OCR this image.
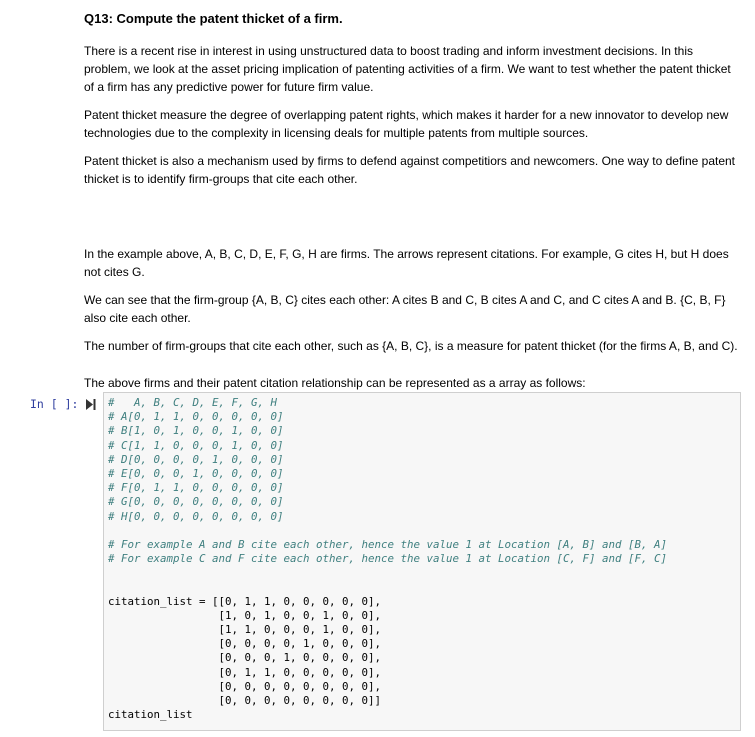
Q13: Compute the patent thicket of a firm.

There is a recent rise in interest in using unstructured data to boost trading and inform investment decisions. In this problem, we look at the asset pricing implication of patenting activities of a firm. We want to test whether the patent thicket of a firm has any predictive power for future firm value.

Patent thicket measure the degree of overlapping patent rights, which makes it harder for a new innovator to develop new technologies due to the complexity in licensing deals for multiple patents from multiple sources.

Patent thicket is also a mechanism used by firms to defend against competitiors and newcomers. One way to define patent thicket is to identify firm-groups that cite each other.

In the example above, A, B, C, D, E, F, G, H are firms. The arrows represent citations. For example, G cites H, but H does not cites G.

We can see that the firm-group {A, B, C} cites each other: A cites B and C, B cites A and C, and C cites A and B. {C, B, F} also cite each other.

The number of firm-groups that cite each other, such as {A, B, C}, is a measure for patent thicket (for the firms A, B, and C).

The above firms and their patent citation relationship can be represented as a array as follows:

In [ ]:	#   A, B, C, D, E, F, G, H
# A[0, 1, 1, 0, 0, 0, 0, 0]
# B[1, 0, 1, 0, 0, 1, 0, 0]
# C[1, 1, 0, 0, 0, 1, 0, 0]
# D[0, 0, 0, 0, 1, 0, 0, 0]
# E[0, 0, 0, 1, 0, 0, 0, 0]
# F[0, 1, 1, 0, 0, 0, 0, 0]
# G[0, 0, 0, 0, 0, 0, 0, 0]
# H[0, 0, 0, 0, 0, 0, 0, 0]
# For example A and B cite each other, hence the value 1 at Location [A, B] and [B, A]
# For example C and F cite each other, hence the value 1 at Location [C, F] and [F, C]
citation_list = [[0, 1, 1, 0, 0, 0, 0, 0],
[1, 0, 1, 0, 0, 1, 0, 0],
[1, 1, 0, 0, 0, 1, 0, 0],
[0, 0, 0, 0, 1, 0, 0, 0],
[0, 0, 0, 1, 0, 0, 0, 0],
[0, 1, 1, 0, 0, 0, 0, 0],
[0, 0, 0, 0, 0, 0, 0, 0],
[0, 0, 0, 0, 0, 0, 0, 0]]
citation_list
